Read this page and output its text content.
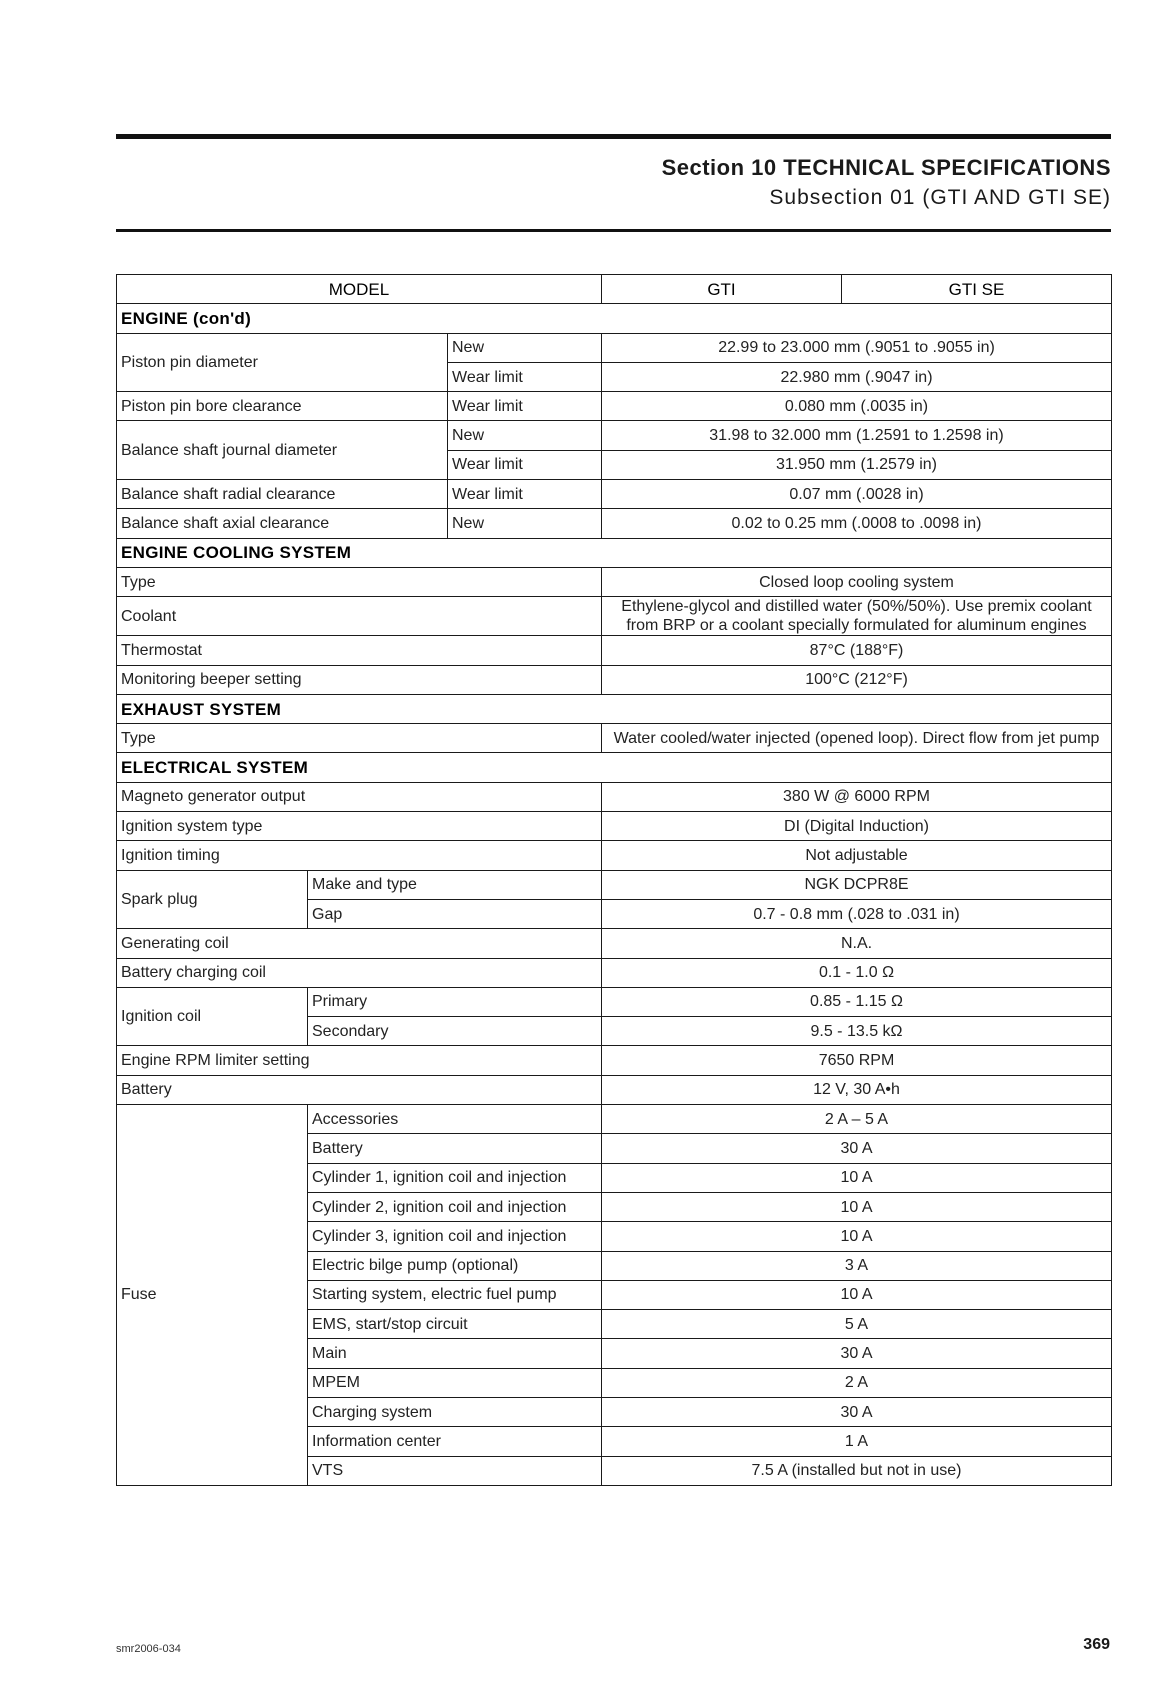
Section 10 TECHNICAL SPECIFICATIONS
Subsection 01 (GTI AND GTI SE)
MODEL			GTI	GTI SE
ENGINE (con'd)				
Piston pin diameter		New	22.99 to 23.000 mm (.9051 to .9055 in)	
		Wear limit	22.980 mm (.9047 in)	
Piston pin bore clearance		Wear limit	0.080 mm (.0035 in)	
Balance shaft journal diameter		New	31.98 to 32.000 mm (1.2591 to 1.2598 in)	
		Wear limit	31.950 mm (1.2579 in)	
Balance shaft radial clearance		Wear limit	0.07 mm (.0028 in)	
Balance shaft axial clearance		New	0.02 to 0.25 mm (.0008 to .0098 in)	
ENGINE COOLING SYSTEM				
Type			Closed loop cooling system	
Coolant			Ethylene-glycol and distilled water (50%/50%). Use premix coolant from BRP or a coolant specially formulated for aluminum engines	
Thermostat			87°C (188°F)	
Monitoring beeper setting			100°C (212°F)	
EXHAUST SYSTEM				
Type			Water cooled/water injected (opened loop). Direct flow from jet pump	
ELECTRICAL SYSTEM				
Magneto generator output			380 W @ 6000 RPM	
Ignition system type			DI (Digital Induction)	
Ignition timing			Not adjustable	
Spark plug	Make and type		NGK DCPR8E	
	Gap		0.7 - 0.8 mm (.028 to .031 in)	
Generating coil			N.A.	
Battery charging coil			0.1 - 1.0 Ω	
Ignition coil	Primary		0.85 - 1.15 Ω	
	Secondary		9.5 - 13.5 kΩ	
Engine RPM limiter setting			7650 RPM	
Battery			12 V, 30 A•h	
Fuse	Accessories		2 A – 5 A	
	Battery		30 A	
	Cylinder 1, ignition coil and injection		10 A	
	Cylinder 2, ignition coil and injection		10 A	
	Cylinder 3, ignition coil and injection		10 A	
	Electric bilge pump (optional)		3 A	
	Starting system, electric fuel pump		10 A	
	EMS, start/stop circuit		5 A	
	Main		30 A	
	MPEM		2 A	
	Charging system		30 A	
	Information center		1 A	
	VTS		7.5 A (installed but not in use)	
smr2006-034	369
